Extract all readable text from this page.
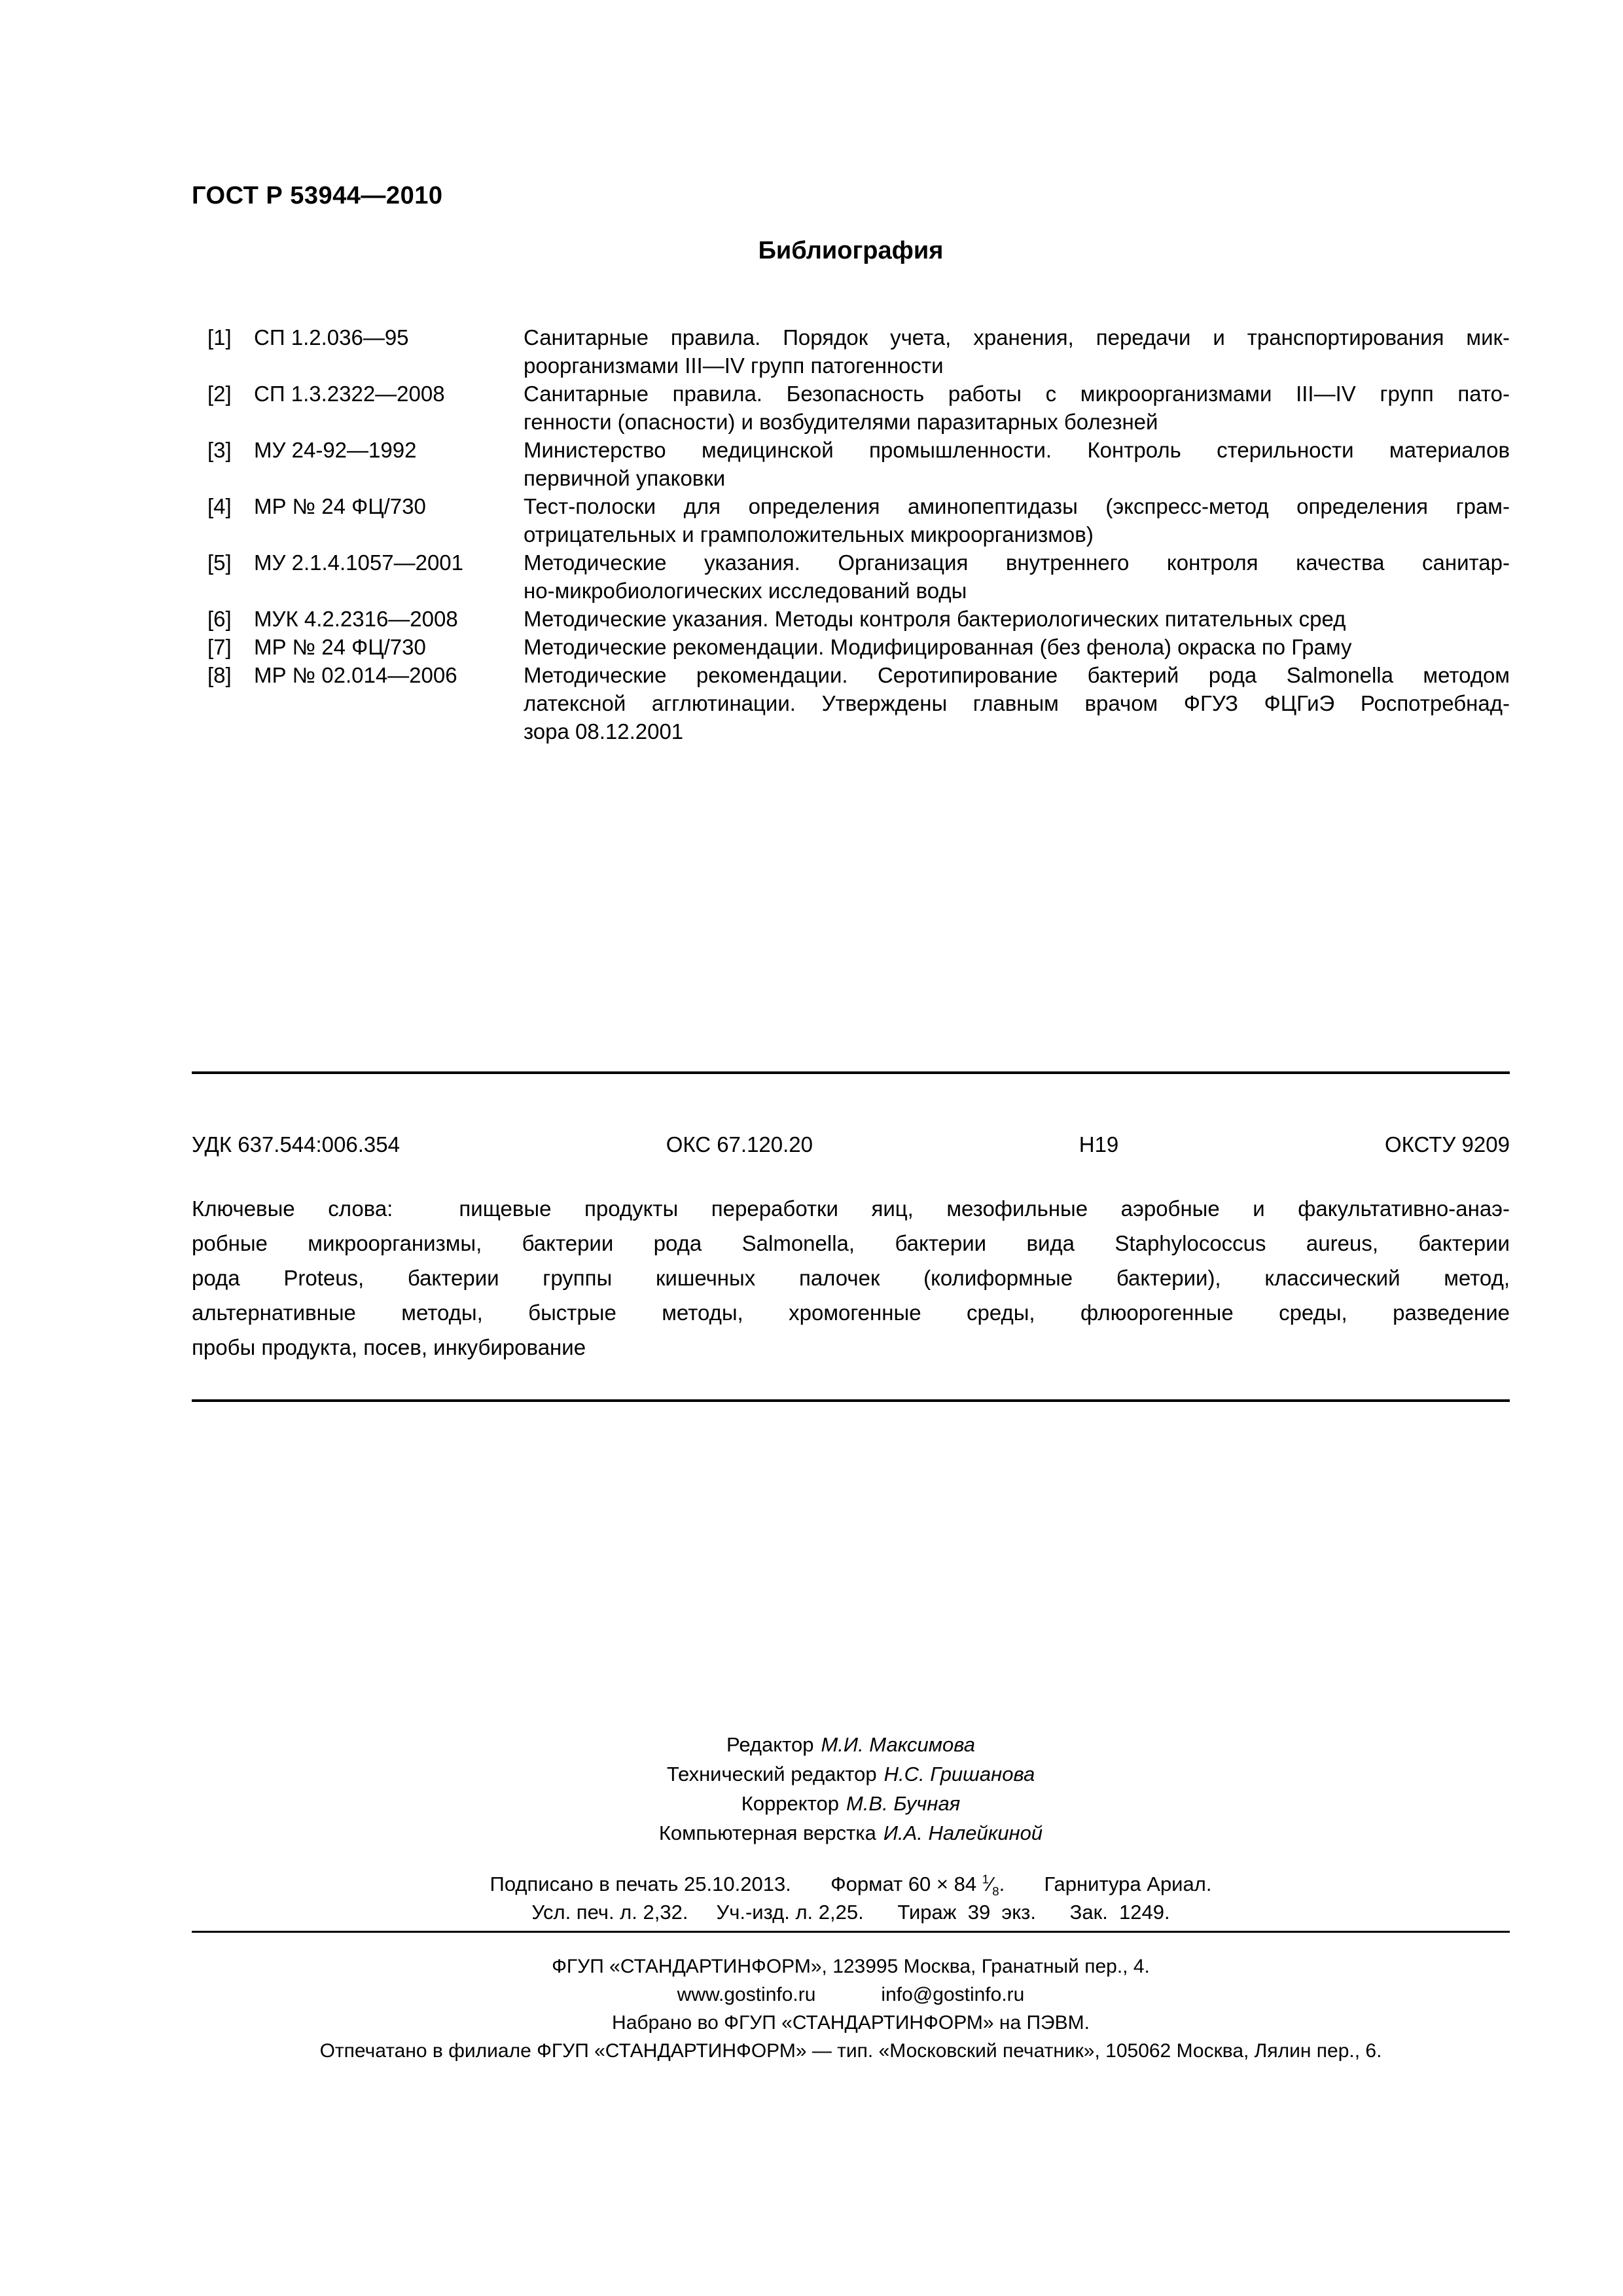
ГОСТ Р 53944—2010
Библиография
[1]	СП 1.2.036—95	Санитарные правила. Порядок учета, хранения, передачи и транспортирования мик-
роорганизмами III—IV групп патогенности
[2]	СП 1.3.2322—2008	Санитарные правила. Безопасность работы с микроорганизмами III—IV групп пато-
генности (опасности) и возбудителями паразитарных болезней
[3]	МУ 24-92—1992	Министерство медицинской промышленности. Контроль стерильности материалов
первичной упаковки
[4]	МР № 24 ФЦ/730	Тест-полоски для определения аминопептидазы (экспресс-метод определения грам-
отрицательных и грамположительных микроорганизмов)
[5]	МУ 2.1.4.1057—2001	Методические указания. Организация внутреннего контроля качества санитар-
но-микробиологических исследований воды
[6]	МУК 4.2.2316—2008	Методические указания. Методы контроля бактериологических питательных сред
[7]	МР № 24 ФЦ/730	Методические рекомендации. Модифицированная (без фенола) окраска по Граму
[8]	МР № 02.014—2006	Методические рекомендации. Серотипирование бактерий рода Salmonella методом
латексной агглютинации. Утверждены главным врачом ФГУЗ ФЦГиЭ Роспотребнад-
зора 08.12.2001
УДК 637.544:006.354	ОКС 67.120.20	Н19	ОКСТУ 9209
Ключевые слова:  пищевые продукты переработки яиц, мезофильные аэробные и факультативно-анаэ-
робные микроорганизмы, бактерии рода Salmonella, бактерии вида Staphylococcus aureus, бактерии
рода Proteus, бактерии группы кишечных палочек (колиформные бактерии), классический метод,
альтернативные методы, быстрые методы, хромогенные среды, флюорогенные среды, разведение
пробы продукта, посев, инкубирование
Редактор М.И. Максимова
Технический редактор Н.С. Гришанова
Корректор М.В. Бучная
Компьютерная верстка И.А. Налейкиной
Подписано в печать 25.10.2013.       Формат 60 × 84 $^1⁄_8$.       Гарнитура Ариал.
Усл. печ. л. 2,32.     Уч.-изд. л. 2,25.      Тираж  39  экз.      Зак.  1249.
ФГУП «СТАНДАРТИНФОРМ», 123995 Москва, Гранатный пер., 4.
www.gostinfo.ru            info@gostinfo.ru
Набрано во ФГУП «СТАНДАРТИНФОРМ» на ПЭВМ.
Отпечатано в филиале ФГУП «СТАНДАРТИНФОРМ» — тип. «Московский печатник», 105062 Москва, Лялин пер., 6.
